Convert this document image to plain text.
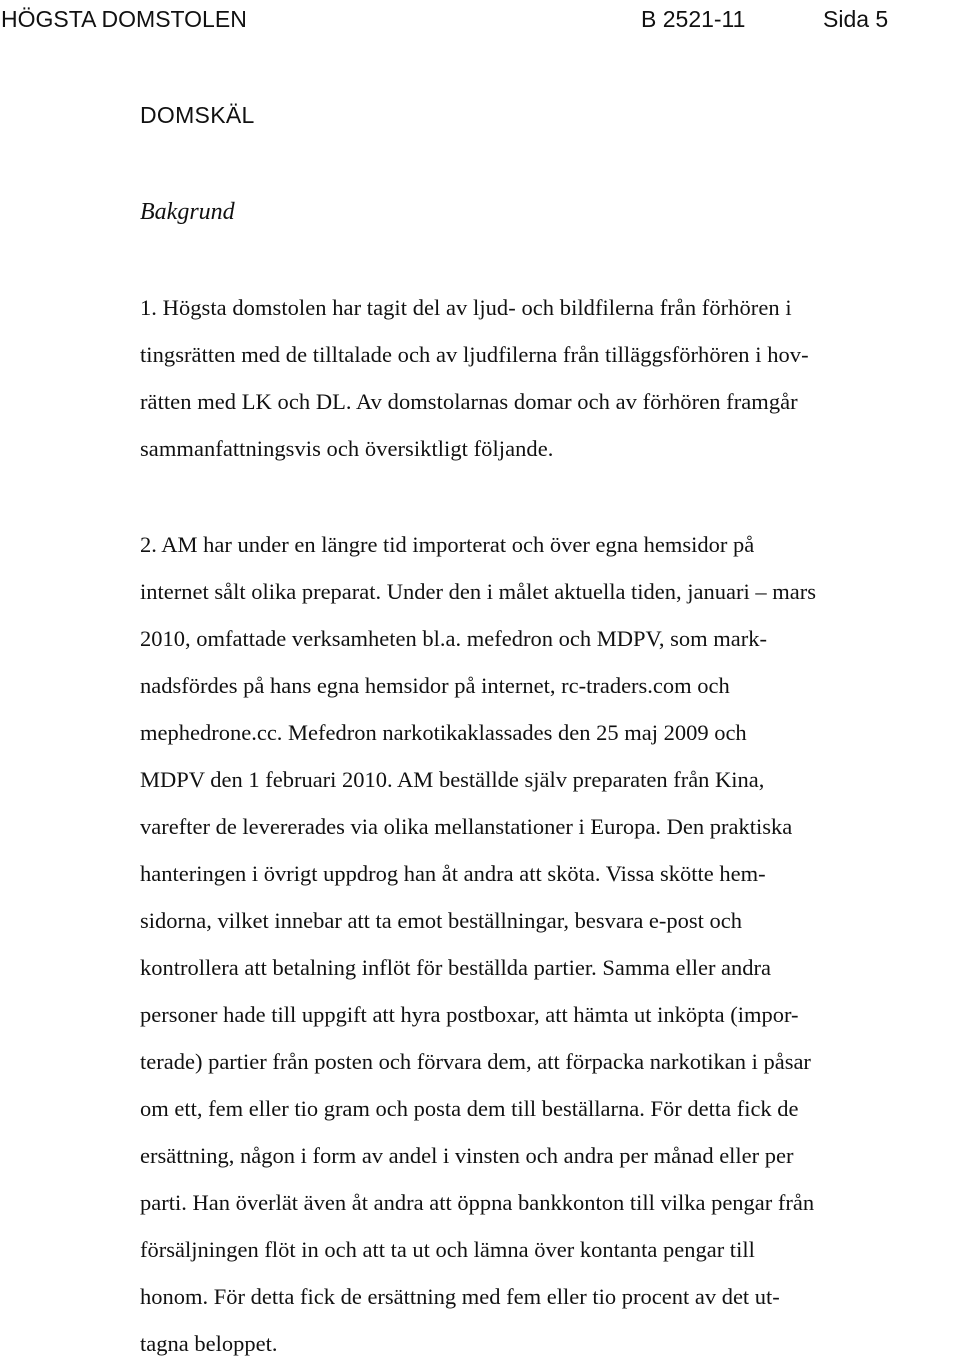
HÖGSTA DOMSTOLEN	B 2521-11	Sida 5
DOMSKÄL
Bakgrund
1. Högsta domstolen har tagit del av ljud- och bildfilerna från förhören i
tingsrätten med de tilltalade och av ljudfilerna från tilläggsförhören i hov-
rätten med LK och DL. Av domstolarnas domar och av förhören framgår
sammanfattningsvis och översiktligt följande.
2. AM har under en längre tid importerat och över egna hemsidor på
internet sålt olika preparat. Under den i målet aktuella tiden, januari – mars
2010, omfattade verksamheten bl.a. mefedron och MDPV, som mark-
nadsfördes på hans egna hemsidor på internet, rc-traders.com och
mephedrone.cc. Mefedron narkotikaklassades den 25 maj 2009 och
MDPV den 1 februari 2010. AM beställde själv preparaten från Kina,
varefter de levererades via olika mellanstationer i Europa. Den praktiska
hanteringen i övrigt uppdrog han åt andra att sköta. Vissa skötte hem-
sidorna, vilket innebar att ta emot beställningar, besvara e-post och
kontrollera att betalning inflöt för beställda partier. Samma eller andra
personer hade till uppgift att hyra postboxar, att hämta ut inköpta (impor-
terade) partier från posten och förvara dem, att förpacka narkotikan i påsar
om ett, fem eller tio gram och posta dem till beställarna. För detta fick de
ersättning, någon i form av andel i vinsten och andra per månad eller per
parti. Han överlät även åt andra att öppna bankkonton till vilka pengar från
försäljningen flöt in och att ta ut och lämna över kontanta pengar till
honom. För detta fick de ersättning med fem eller tio procent av det ut-
tagna beloppet.
